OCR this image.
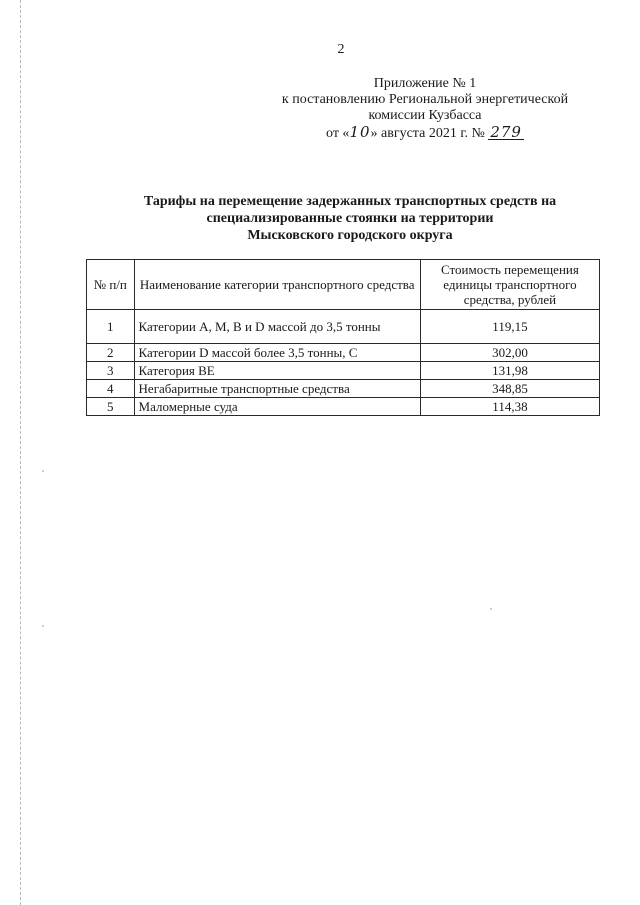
2
Приложение № 1
к постановлению Региональной энергетической
комиссии Кузбасса
от «10» августа 2021 г. № 279
Тарифы на перемещение задержанных транспортных средств на
специализированные стоянки на территории
Мысковского городского округа
№ п/п	Наименование категории транспортного средства	Стоимость перемещения единицы транспортного средства, рублей
1	Категории А, М, В и D массой до 3,5 тонны	119,15
2	Категории D массой более 3,5 тонны, С	302,00
3	Категория ВЕ	131,98
4	Негабаритные транспортные средства	348,85
5	Маломерные суда	114,38
